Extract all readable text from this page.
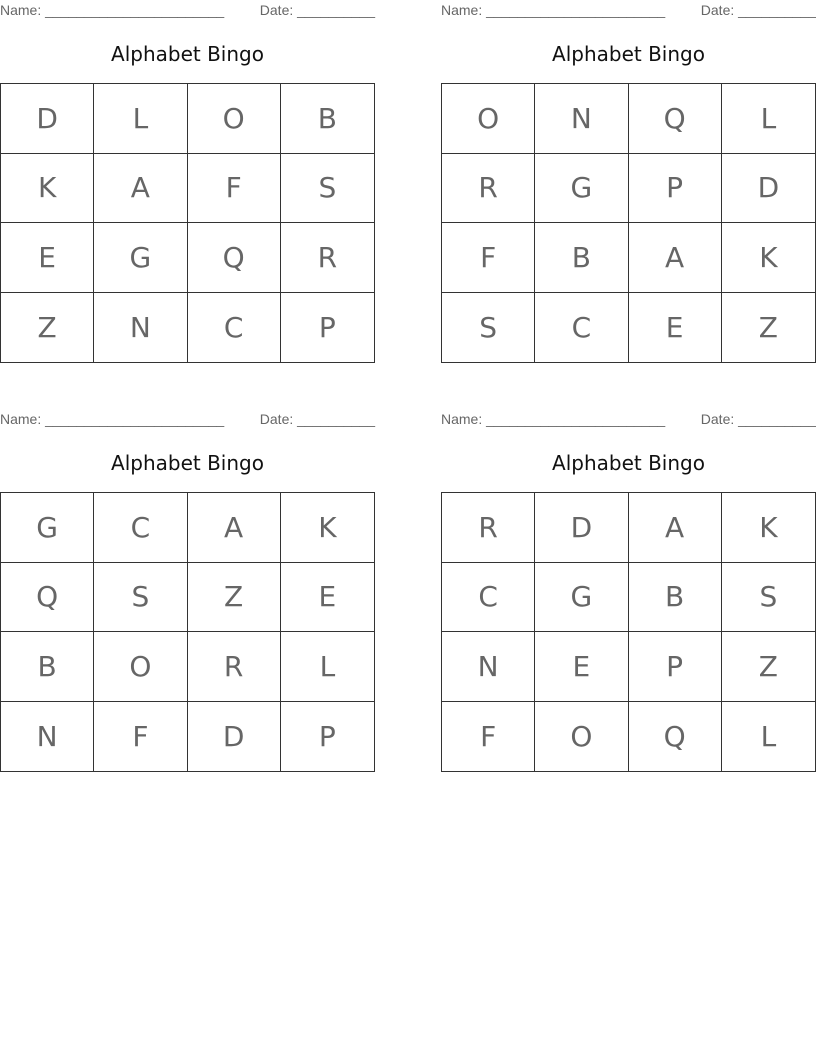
Name: _______________________	Date: __________
Alphabet Bingo
D	L	O	B
K	A	F	S
E	G	Q	R
Z	N	C	P
Name: _______________________	Date: __________
Alphabet Bingo
O	N	Q	L
R	G	P	D
F	B	A	K
S	C	E	Z
Name: _______________________	Date: __________
Alphabet Bingo
G	C	A	K
Q	S	Z	E
B	O	R	L
N	F	D	P
Name: _______________________	Date: __________
Alphabet Bingo
R	D	A	K
C	G	B	S
N	E	P	Z
F	O	Q	L
